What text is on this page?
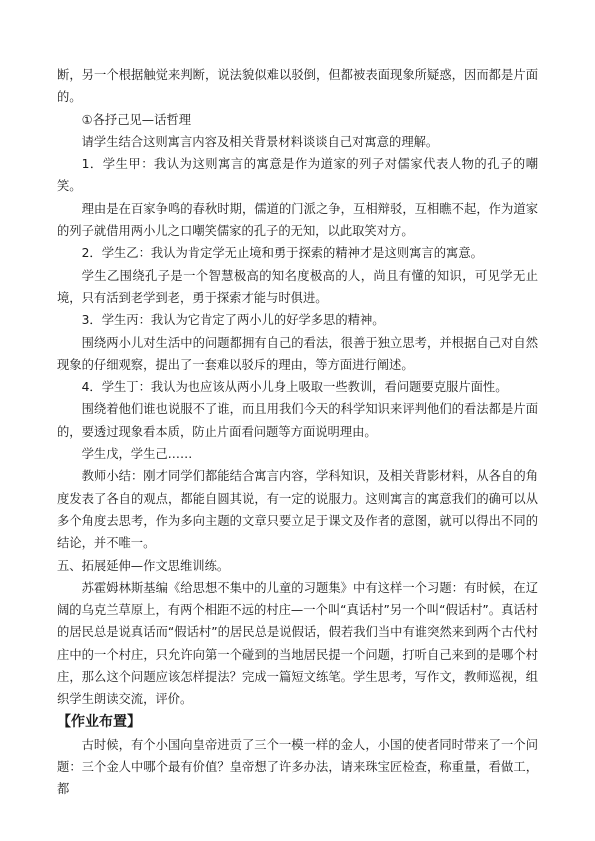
断，另一个根据触觉来判断，说法貌似难以驳倒，但都被表面现象所疑惑，因而都是片面的。

①各抒己见—话哲理

请学生结合这则寓言内容及相关背景材料谈谈自己对寓意的理解。

1．学生甲：我认为这则寓言的寓意是作为道家的列子对儒家代表人物的孔子的嘲笑。

理由是在百家争鸣的春秋时期，儒道的门派之争，互相辩驳，互相瞧不起，作为道家的列子就借用两小儿之口嘲笑儒家的孔子的无知，以此取笑对方。

2．学生乙：我认为肯定学无止境和勇于探索的精神才是这则寓言的寓意。

学生乙围绕孔子是一个智慧极高的知名度极高的人，尚且有懂的知识，可见学无止境，只有活到老学到老，勇于探索才能与时俱进。

3．学生丙：我认为它肯定了两小儿的好学多思的精神。

围绕两小儿对生活中的问题都拥有自己的看法，很善于独立思考，并根据自己对自然现象的仔细观察，提出了一套难以驳斥的理由，等方面进行阐述。

4．学生丁：我认为也应该从两小儿身上吸取一些教训，看问题要克服片面性。

围绕着他们谁也说服不了谁，而且用我们今天的科学知识来评判他们的看法都是片面的，要透过现象看本质，防止片面看问题等方面说明理由。

学生戊，学生己……

教师小结：刚才同学们都能结合寓言内容，学科知识，及相关背影材料，从各自的角度发表了各自的观点，都能自圆其说，有一定的说服力。这则寓言的寓意我们的确可以从多个角度去思考，作为多向主题的文章只要立足于课文及作者的意图，就可以得出不同的结论，并不唯一。

五、拓展延伸—作文思维训练。

苏霍姆林斯基编《给思想不集中的儿童的习题集》中有这样一个习题：有时候，在辽阔的乌克兰草原上，有两个相距不远的村庄—一个叫“真话村”另一个叫“假话村”。真话村的居民总是说真话而“假话村”的居民总是说假话，假若我们当中有谁突然来到两个古代村庄中的一个村庄，只允许向第一个碰到的当地居民提一个问题，打听自己来到的是哪个村庄，那么这个问题应该怎样提法？完成一篇短文练笔。学生思考，写作文，教师巡视，组织学生朗读交流，评价。

【作业布置】

古时候，有个小国向皇帝进贡了三个一模一样的金人，小国的使者同时带来了一个问题：三个金人中哪个最有价值？皇帝想了许多办法，请来珠宝匠检查，称重量，看做工，都
